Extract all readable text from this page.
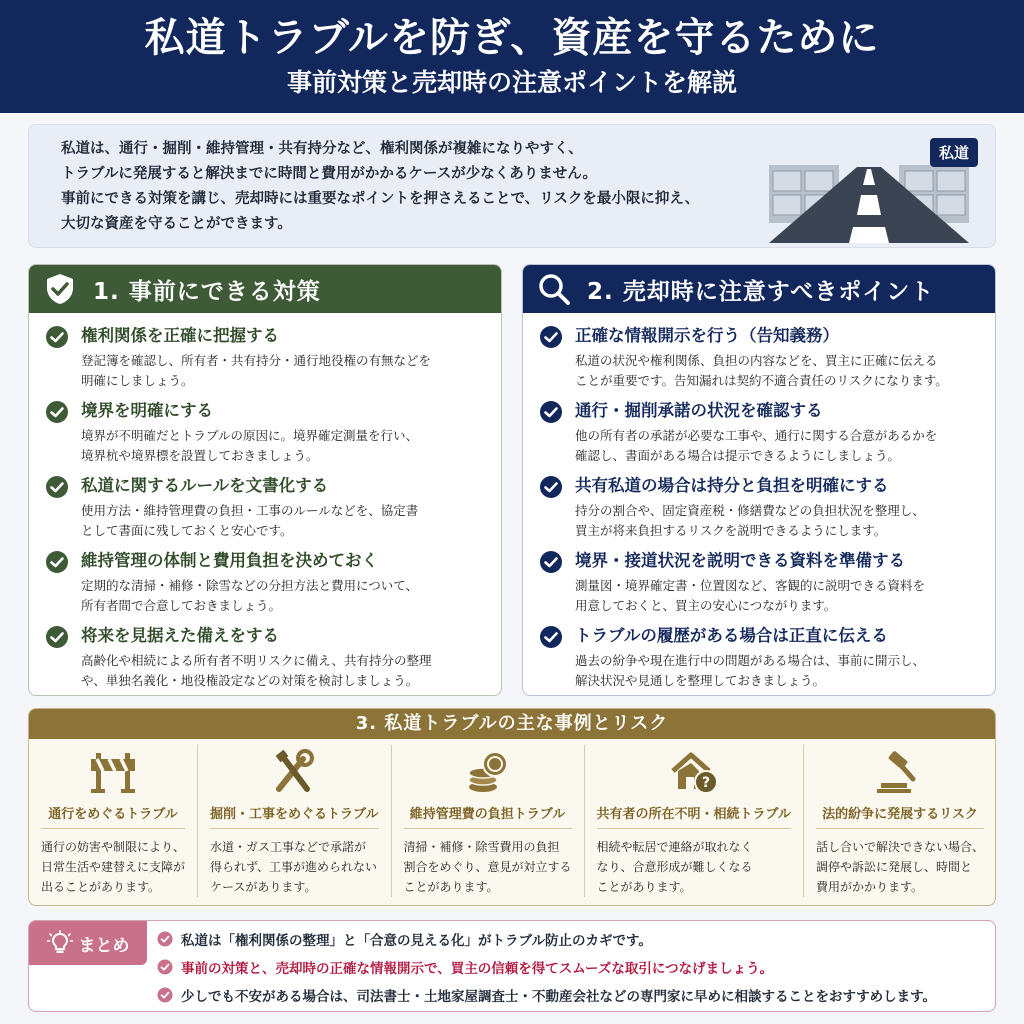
私道トラブルを防ぎ、資産を守るために
事前対策と売却時の注意ポイントを解説
私道は、通行・掘削・維持管理・共有持分など、権利関係が複雑になりやすく、
トラブルに発展すると解決までに時間と費用がかかるケースが少なくありません。
事前にできる対策を講じ、売却時には重要なポイントを押さえることで、リスクを最小限に抑え、
大切な資産を守ることができます。
私道
1. 事前にできる対策
権利関係を正確に把握する
登記簿を確認し、所有者・共有持分・通行地役権の有無などを
明確にしましょう。
境界を明確にする
境界が不明確だとトラブルの原因に。境界確定測量を行い、
境界杭や境界標を設置しておきましょう。
私道に関するルールを文書化する
使用方法・維持管理費の負担・工事のルールなどを、協定書
として書面に残しておくと安心です。
維持管理の体制と費用負担を決めておく
定期的な清掃・補修・除雪などの分担方法と費用について、
所有者間で合意しておきましょう。
将来を見据えた備えをする
高齢化や相続による所有者不明リスクに備え、共有持分の整理
や、単独名義化・地役権設定などの対策を検討しましょう。
2. 売却時に注意すべきポイント
正確な情報開示を行う（告知義務）
私道の状況や権利関係、負担の内容などを、買主に正確に伝える
ことが重要です。告知漏れは契約不適合責任のリスクになります。
通行・掘削承諾の状況を確認する
他の所有者の承諾が必要な工事や、通行に関する合意があるかを
確認し、書面がある場合は提示できるようにしましょう。
共有私道の場合は持分と負担を明確にする
持分の割合や、固定資産税・修繕費などの負担状況を整理し、
買主が将来負担するリスクを説明できるようにします。
境界・接道状況を説明できる資料を準備する
測量図・境界確定書・位置図など、客観的に説明できる資料を
用意しておくと、買主の安心につながります。
トラブルの履歴がある場合は正直に伝える
過去の紛争や現在進行中の問題がある場合は、事前に開示し、
解決状況や見通しを整理しておきましょう。
3. 私道トラブルの主な事例とリスク
通行をめぐるトラブル
通行の妨害や制限により、
日常生活や建替えに支障が
出ることがあります。
掘削・工事をめぐるトラブル
水道・ガス工事などで承諾が
得られず、工事が進められない
ケースがあります。
維持管理費の負担トラブル
清掃・補修・除雪費用の負担
割合をめぐり、意見が対立する
ことがあります。
?
共有者の所在不明・相続トラブル
相続や転居で連絡が取れなく
なり、合意形成が難しくなる
ことがあります。
法的紛争に発展するリスク
話し合いで解決できない場合、
調停や訴訟に発展し、時間と
費用がかかります。
まとめ	私道は「権利関係の整理」と「合意の見える化」がトラブル防止のカギです。
事前の対策と、売却時の正確な情報開示で、買主の信頼を得てスムーズな取引につなげましょう。
少しでも不安がある場合は、司法書士・土地家屋調査士・不動産会社などの専門家に早めに相談することをおすすめします。
